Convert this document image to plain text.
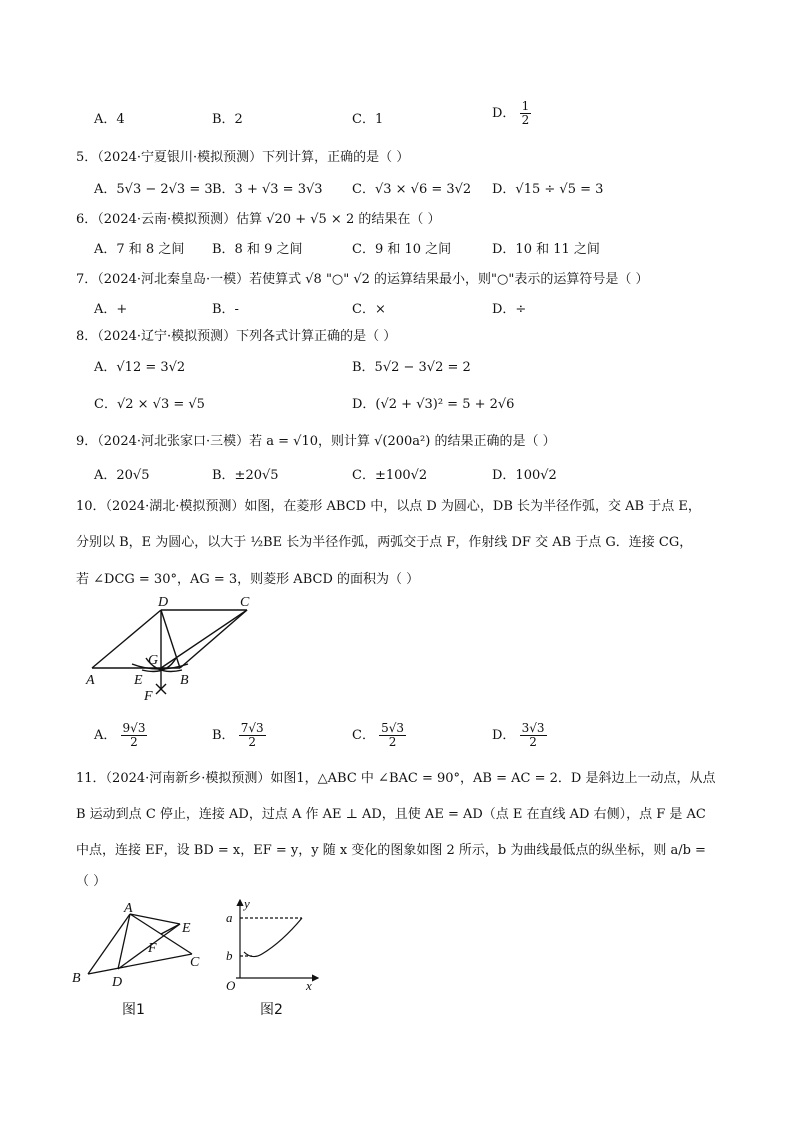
A．4	B．2	C．1	D． $\frac{1}{2}$
5．（2024·宁夏银川·模拟预测）下列计算，正确的是（ ）
A．5√3 − 2√3 = 3 B．3 + √3 = 3√3 C．√3 × √6 = 3√2 D．√15 ÷ √5 = 3
6．（2024·云南·模拟预测）估算 √20 + √5 × 2 的结果在（ ）
A．7 和 8 之间 B．8 和 9 之间	C．9 和 10 之间	D．10 和 11 之间
7．（2024·河北秦皇岛·一模）若使算式 √8 "○" √2 的运算结果最小，则"○"表示的运算符号是（ ）
A．+	B．-	C．×	D．÷
8．（2024·辽宁·模拟预测）下列各式计算正确的是（ ）
A．√12 = 3√2	B．5√2 − 3√2 = 2
C．√2 × √3 = √5	D．(√2 + √3)² = 5 + 2√6
9．（2024·河北张家口·三模）若 a = √10，则计算 √(200a²) 的结果正确的是（ ）
A．20√5	B．±20√5	C．±100√2	D．100√2
10．（2024·湖北·模拟预测）如图，在菱形 ABCD 中，以点 D 为圆心，DB 长为半径作弧，交 AB 于点 E，
分别以 B，E 为圆心，以大于 ½BE 长为半径作弧，两弧交于点 F，作射线 DF 交 AB 于点 G．连接 CG，
若 ∠DCG = 30°，AG = 3，则菱形 ABCD 的面积为（ ）
D	C
G
A	E	B
F
A． $\frac{9√3}{2}$	B． $\frac{7√3}{2}$	C． $\frac{5√3}{2}$	D． $\frac{3√3}{2}$
11．（2024·河南新乡·模拟预测）如图1，△ABC 中 ∠BAC = 90°，AB = AC = 2．D 是斜边上一动点，从点
B 运动到点 C 停止，连接 AD，过点 A 作 AE ⊥ AD，且使 AE = AD（点 E 在直线 AD 右侧），点 F 是 AC
中点，连接 EF，设 BD = x，EF = y，y 随 x 变化的图象如图 2 所示，b 为曲线最低点的纵坐标，则 a/b =
（ ）
A
E
F
C
B D
图1
y
a
b
O	x
图2
